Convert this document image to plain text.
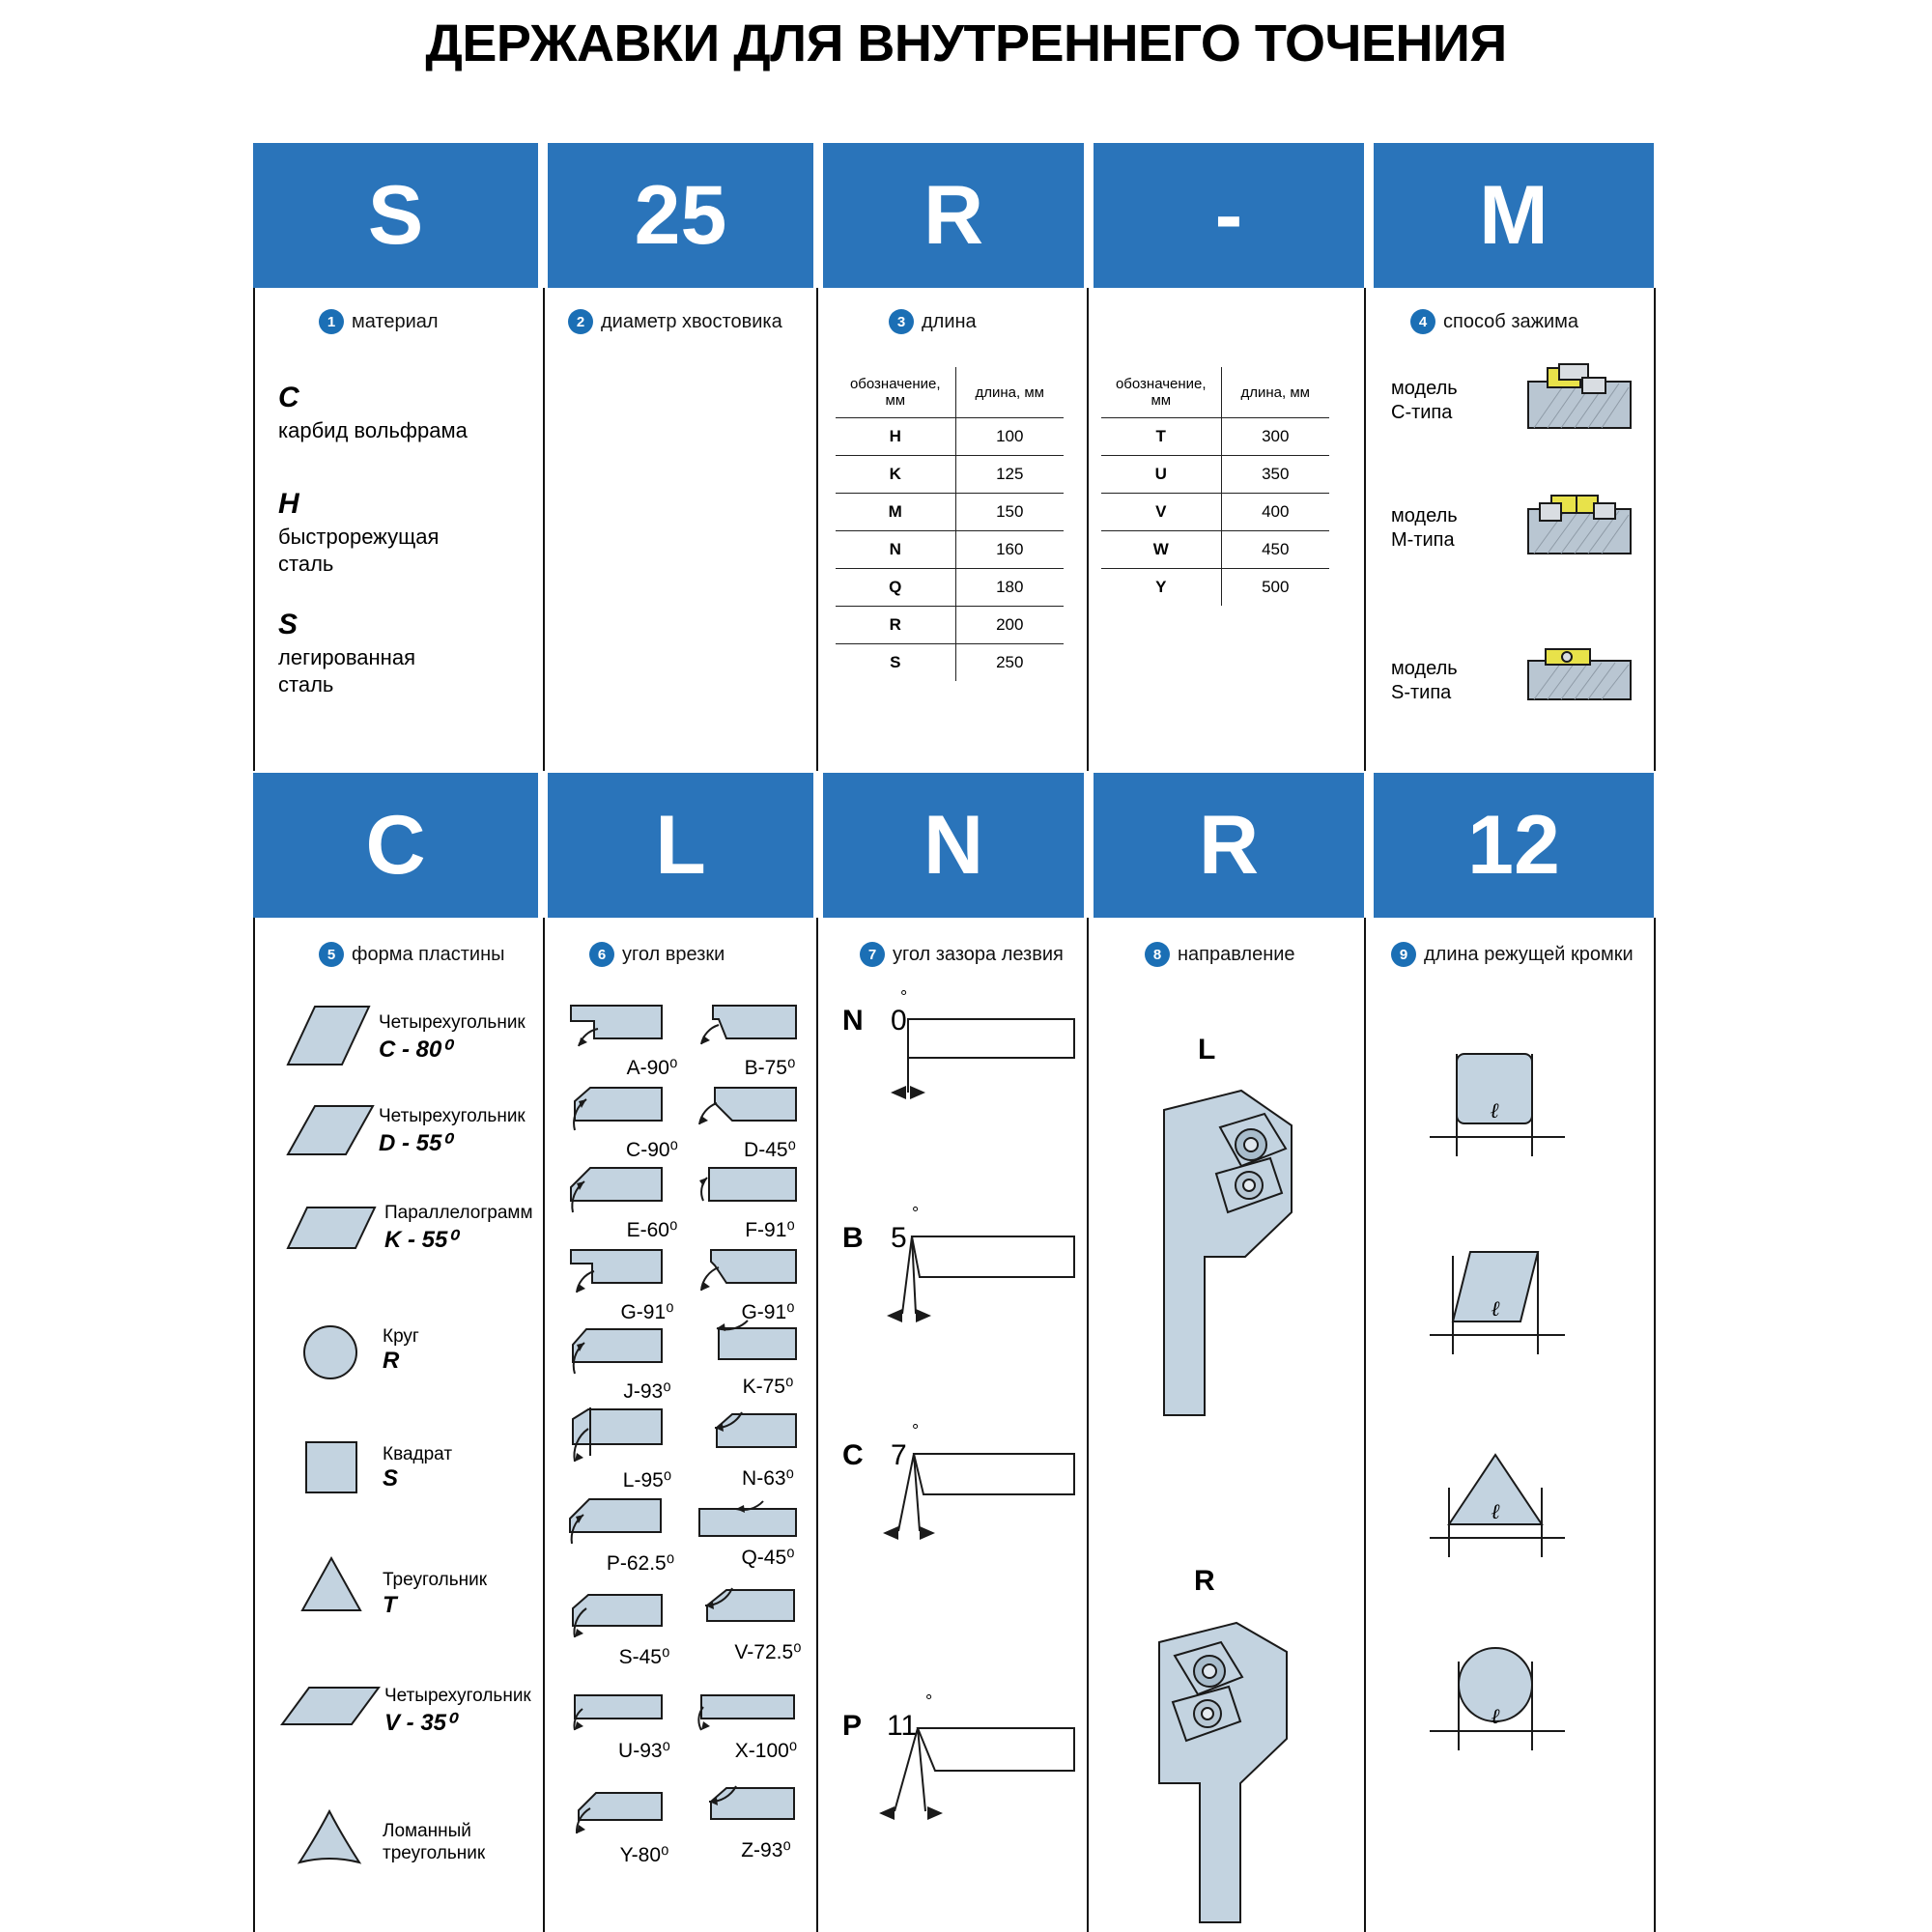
ДЕРЖАВКИ ДЛЯ ВНУТРЕННЕГО ТОЧЕНИЯ
S	25	R	-	M
1 материал
C
карбид вольфрама
H
быстрорежущая
сталь
S
легированная
сталь
2 диаметр хвостовика	3 длина
обозначение, мм	длина, мм
H	100
K	125
M	150
N	160
Q	180
R	200
S	250
обозначение, мм	длина, мм
T	300
U	350
V	400
W	450
Y	500
4 способ зажима
модель
C-типа
модель
M-типа
модель
S-типа
C	L	N	R	12
5 форма пластины
Четырехугольник
C - 80⁰
Четырехугольник
D - 55⁰
Параллелограмм
K - 55⁰
Круг
R
Квадрат
S
Треугольник
T
Четырехугольник
V - 35⁰
Ломанный
треугольник
6 угол врезки
A-90⁰	B-75⁰
C-90⁰	D-45⁰
E-60⁰	F-91⁰
G-91⁰	G-91⁰
J-93⁰	K-75⁰
L-95⁰	N-63⁰
P-62.5⁰	Q-45⁰
S-45⁰	V-72.5⁰
U-93⁰	X-100⁰
Y-80⁰	Z-93⁰
7 угол зазора лезвия
N 0
°
B 5
°
C 7
°
P 11
°
8 направление
L
R
9 длина режущей кромки
ℓ
ℓ
ℓ
ℓ
